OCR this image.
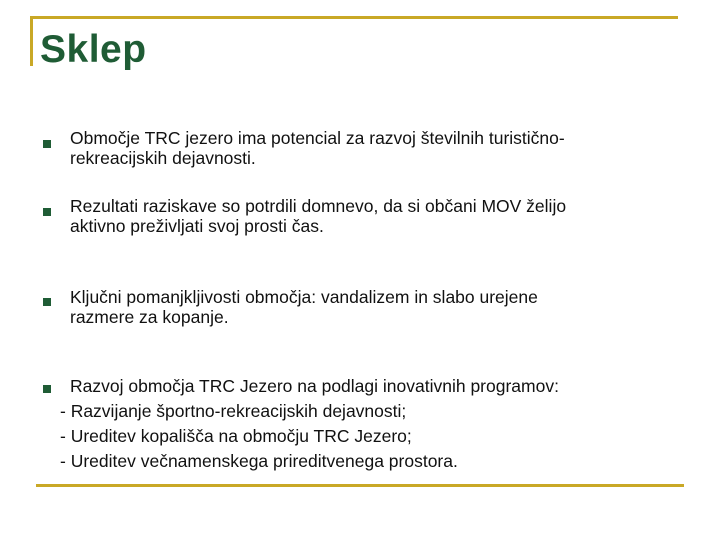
Sklep
Območje TRC jezero ima potencial za razvoj številnih turistično-
rekreacijskih dejavnosti.
Rezultati raziskave so potrdili domnevo, da si občani MOV želijo
aktivno preživljati svoj prosti čas.
Ključni pomanjkljivosti območja: vandalizem in slabo urejene
razmere za kopanje.
Razvoj območja TRC Jezero na podlagi inovativnih programov:
- Razvijanje športno-rekreacijskih dejavnosti;
- Ureditev kopališča na območju TRC Jezero;
- Ureditev večnamenskega prireditvenega prostora.
